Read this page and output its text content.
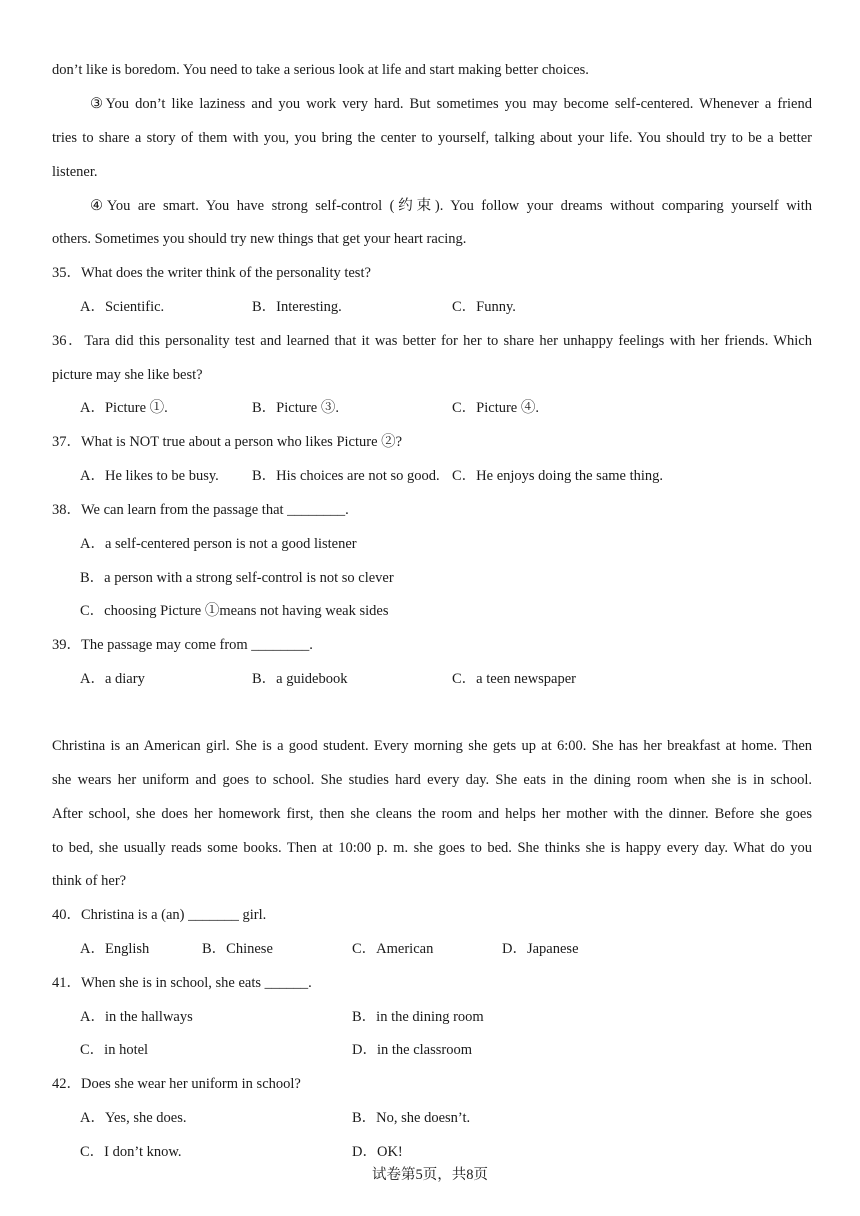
don’t like is boredom. You need to take a serious look at life and start making better choices.
③You don’t like laziness and you work very hard. But sometimes you may become self-centered. Whenever a friend
tries to share a story of them with you, you bring the center to yourself, talking about your life. You should try to be a better
listener.
④You are smart. You have strong self-control (约束). You follow your dreams without comparing yourself with
others. Sometimes you should try new things that get your heart racing.
35．What does the writer think of the personality test?
A．Scientific.	B．Interesting.	C．Funny.
36．Tara did this personality test and learned that it was better for her to share her unhappy feelings with her friends. Which
picture may she like best?
A．Picture ①.	B．Picture ③.	C．Picture ④.
37．What is NOT true about a person who likes Picture ②?
A．He likes to be busy. B．His choices are not so good. C．He enjoys doing the same thing.
38．We can learn from the passage that ________.
A．a self-centered person is not a good listener
B．a person with a strong self-control is not so clever
C．choosing Picture ①means not having weak sides
39．The passage may come from ________.
A．a diary	B．a guidebook	C．a teen newspaper
Christina is an American girl. She is a good student. Every morning she gets up at 6:00. She has her breakfast at home. Then
she wears her uniform and goes to school. She studies hard every day. She eats in the dining room when she is in school.
After school, she does her homework first, then she cleans the room and helps her mother with the dinner. Before she goes
to bed, she usually reads some books. Then at 10:00 p. m. she goes to bed. She thinks she is happy every day. What do you
think of her?
40．Christina is a (an) _______ girl.
A．English	B．Chinese	C．American	D．Japanese
41．When she is in school, she eats ______.
A．in the hallways	B．in the dining room
C．in hotel	D．in the classroom
42．Does she wear her uniform in school?
A．Yes, she does.	B．No, she doesn’t.
C．I don’t know.	D．OK!
试卷第5页，共8页
